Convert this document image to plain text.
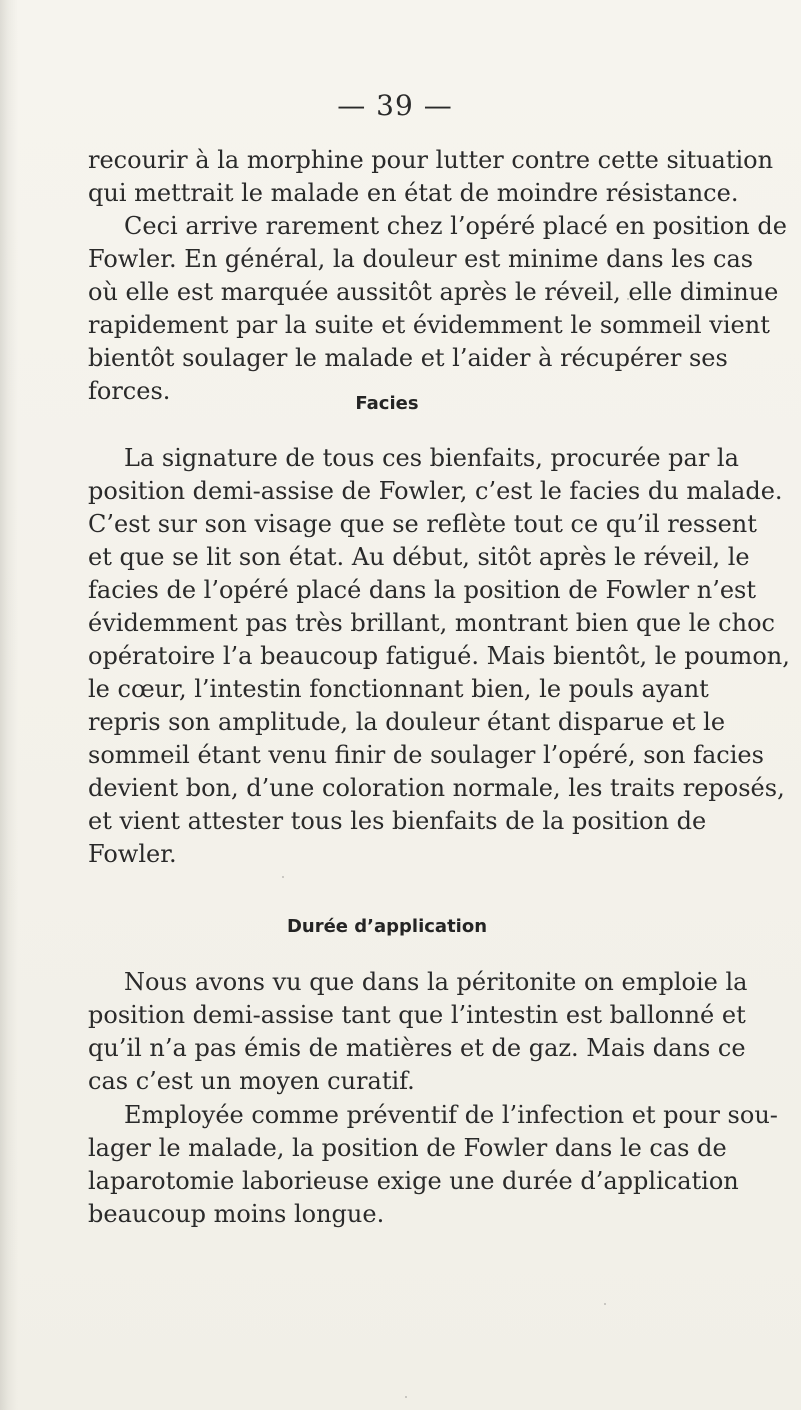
— 39 —
recourir à la morphine pour lutter contre cette situation
qui mettrait le malade en état de moindre résistance.
Ceci arrive rarement chez l’opéré placé en position de
Fowler. En général, la douleur est minime dans les cas
où elle est marquée aussitôt après le réveil, elle diminue
rapidement par la suite et évidemment le sommeil vient
bientôt soulager le malade et l’aider à récupérer ses
forces.	Facies
La signature de tous ces bienfaits, procurée par la
position demi-assise de Fowler, c’est le facies du malade.
C’est sur son visage que se reflète tout ce qu’il ressent
et que se lit son état. Au début, sitôt après le réveil, le
facies de l’opéré placé dans la position de Fowler n’est
évidemment pas très brillant, montrant bien que le choc
opératoire l’a beaucoup fatigué. Mais bientôt, le poumon,
le cœur, l’intestin fonctionnant bien, le pouls ayant
repris son amplitude, la douleur étant disparue et le
sommeil étant venu finir de soulager l’opéré, son facies
devient bon, d’une coloration normale, les traits reposés,
et vient attester tous les bienfaits de la position de
Fowler.
Durée d’application
Nous avons vu que dans la péritonite on emploie la
position demi-assise tant que l’intestin est ballonné et
qu’il n’a pas émis de matières et de gaz. Mais dans ce
cas c’est un moyen curatif.
Employée comme préventif de l’infection et pour sou-
lager le malade, la position de Fowler dans le cas de
laparotomie laborieuse exige une durée d’application
beaucoup moins longue.
